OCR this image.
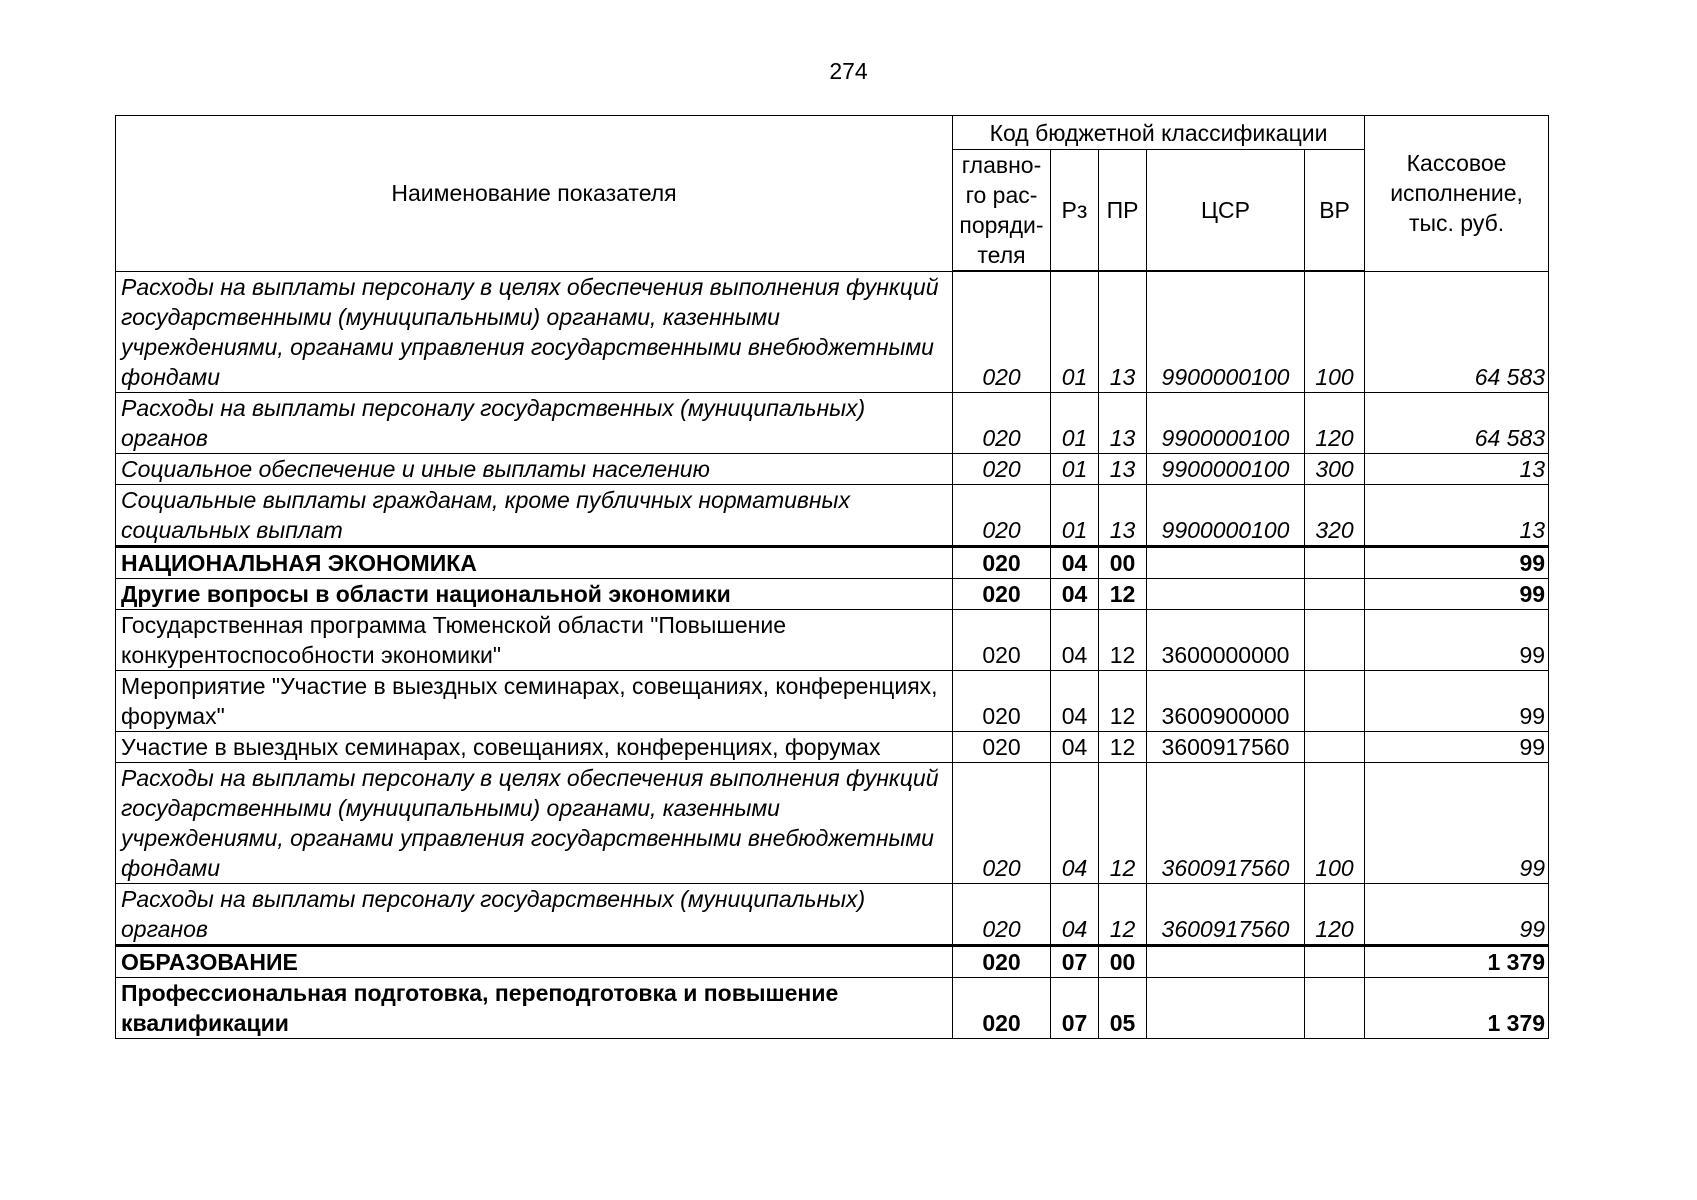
274
Наименование показателя	Код бюджетной классификации					Кассовое исполнение, тыс. руб.
	главно-го рас-поряди-теля	Рз	ПР	ЦСР	ВР	
Расходы на выплаты персоналу в целях обеспечения выполнения функций государственными (муниципальными) органами, казенными учреждениями, органами управления государственными внебюджетными фондами	020	01	13	9900000100	100	64 583
Расходы на выплаты персоналу государственных (муниципальных) органов	020	01	13	9900000100	120	64 583
Социальное обеспечение и иные выплаты населению	020	01	13	9900000100	300	13
Социальные выплаты гражданам, кроме публичных нормативных социальных выплат	020	01	13	9900000100	320	13
НАЦИОНАЛЬНАЯ ЭКОНОМИКА	020	04	00			99
Другие вопросы в области национальной экономики	020	04	12			99
Государственная программа Тюменской области "Повышение конкурентоспособности экономики"	020	04	12	3600000000		99
Мероприятие "Участие в выездных семинарах, совещаниях, конференциях, форумах"	020	04	12	3600900000		99
Участие в выездных семинарах, совещаниях, конференциях, форумах	020	04	12	3600917560		99
Расходы на выплаты персоналу в целях обеспечения выполнения функций государственными (муниципальными) органами, казенными учреждениями, органами управления государственными внебюджетными фондами	020	04	12	3600917560	100	99
Расходы на выплаты персоналу государственных (муниципальных) органов	020	04	12	3600917560	120	99
ОБРАЗОВАНИЕ	020	07	00			1 379
Профессиональная подготовка, переподготовка и повышение квалификации	020	07	05			1 379
